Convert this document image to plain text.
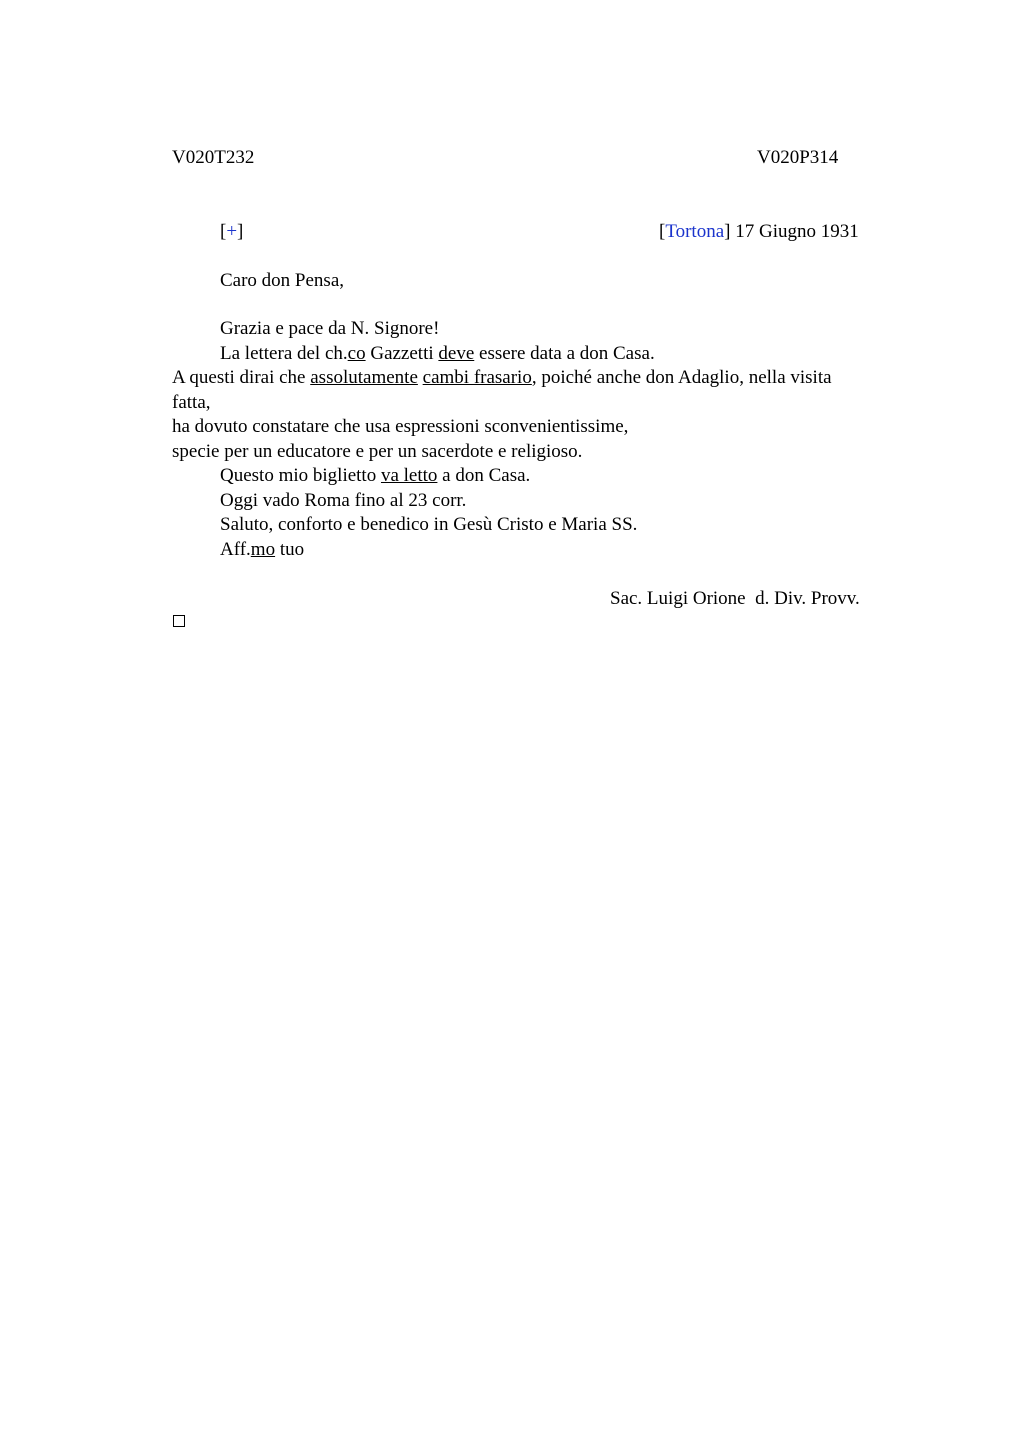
V020T232	V020P314
[+]	[Tortona] 17 Giugno 1931
Caro don Pensa,
Grazia e pace da N. Signore!
La lettera del ch.co Gazzetti deve essere data a don Casa.
A questi dirai che assolutamente cambi frasario, poiché anche don Adaglio, nella visita
fatta,
ha dovuto constatare che usa espressioni sconvenientissime,
specie per un educatore e per un sacerdote e religioso.
Questo mio biglietto va letto a don Casa.
Oggi vado Roma fino al 23 corr.
Saluto, conforto e benedico in Gesù Cristo e Maria SS.
Aff.mo tuo
Sac. Luigi Orione  d. Div. Provv.
